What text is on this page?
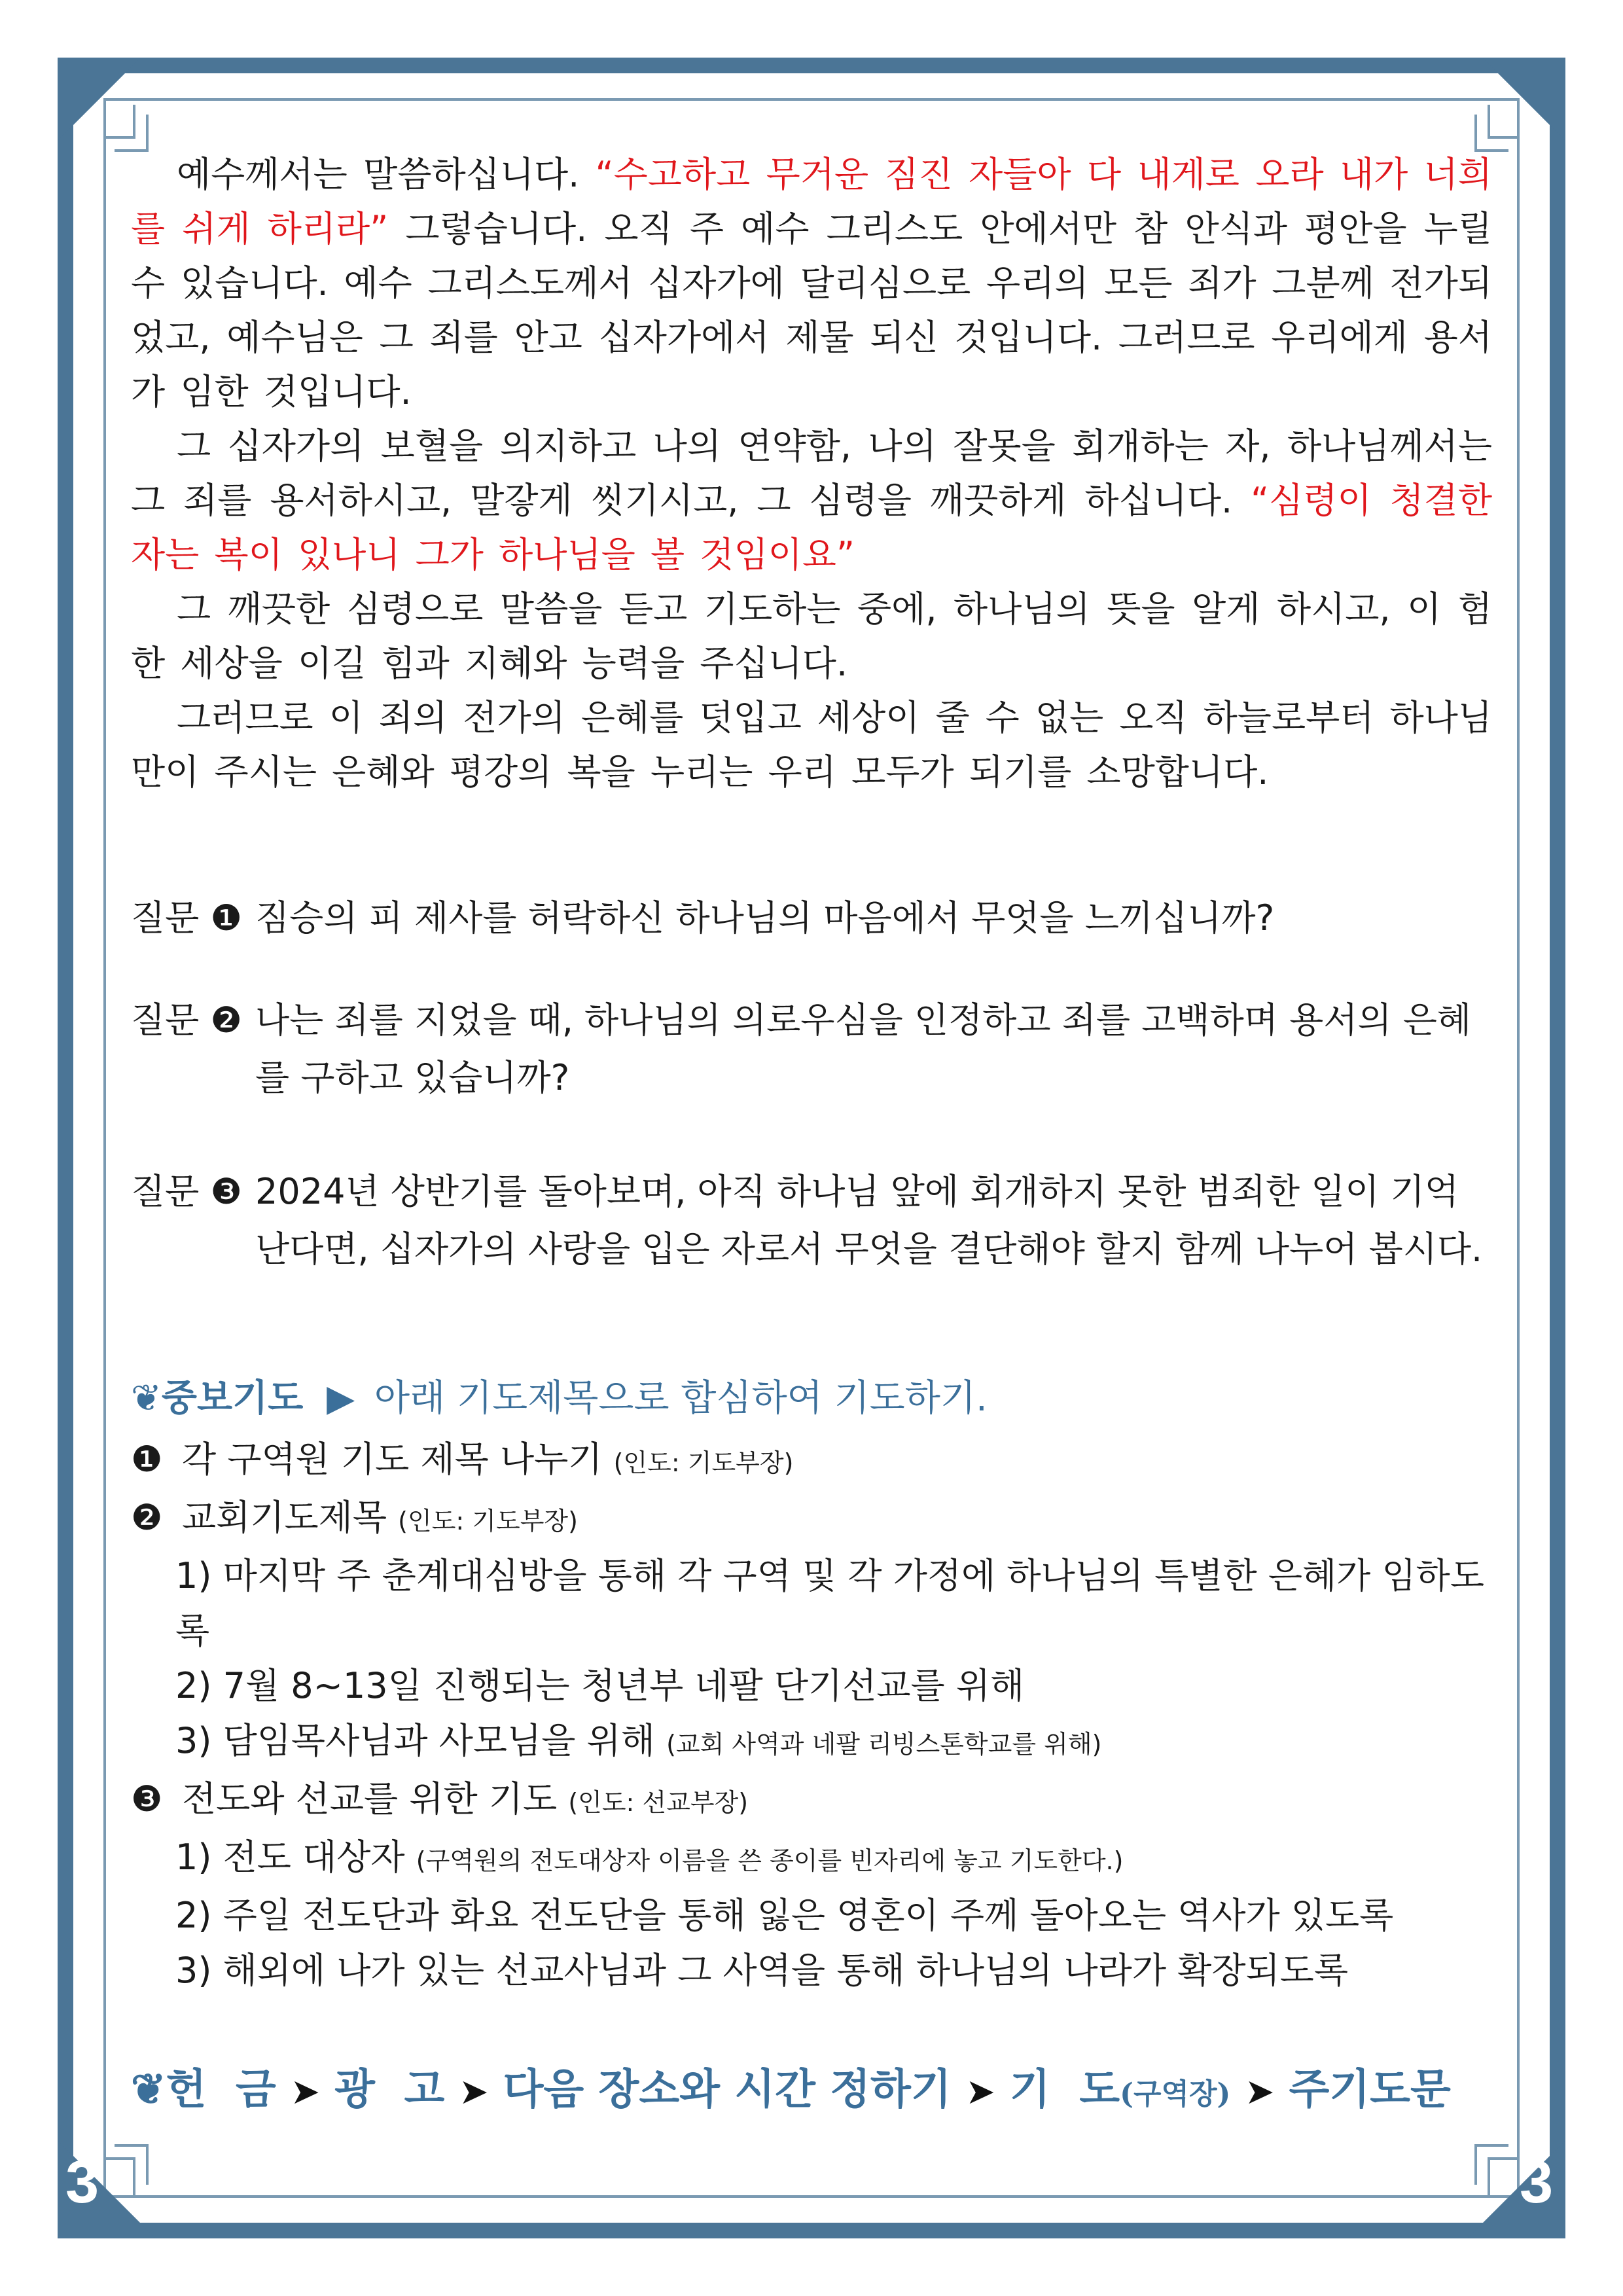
3	3

예수께서는 말씀하십니다. “수고하고 무거운 짐진 자들아 다 내게로 오라 내가 너희를 쉬게 하리라” 그렇습니다. 오직 주 예수 그리스도 안에서만 참 안식과 평안을 누릴 수 있습니다. 예수 그리스도께서 십자가에 달리심으로 우리의 모든 죄가 그분께 전가되었고, 예수님은 그 죄를 안고 십자가에서 제물 되신 것입니다. 그러므로 우리에게 용서가 임한 것입니다.

그 십자가의 보혈을 의지하고 나의 연약함, 나의 잘못을 회개하는 자, 하나님께서는 그 죄를 용서하시고, 말갛게 씻기시고, 그 심령을 깨끗하게 하십니다. “심령이 청결한 자는 복이 있나니 그가 하나님을 볼 것임이요”

그 깨끗한 심령으로 말씀을 듣고 기도하는 중에, 하나님의 뜻을 알게 하시고, 이 험한 세상을 이길 힘과 지혜와 능력을 주십니다.

그러므로 이 죄의 전가의 은혜를 덧입고 세상이 줄 수 없는 오직 하늘로부터 하나님만이 주시는 은혜와 평강의 복을 누리는 우리 모두가 되기를 소망합니다.

질문 ❶ 짐승의 피 제사를 허락하신 하나님의 마음에서 무엇을 느끼십니까?
질문 ❷ 나는 죄를 지었을 때, 하나님의 의로우심을 인정하고 죄를 고백하며 용서의 은혜를 구하고 있습니까?
질문 ❸ 2024년 상반기를 돌아보며, 아직 하나님 앞에 회개하지 못한 범죄한 일이 기억난다면, 십자가의 사랑을 입은 자로서 무엇을 결단해야 할지 함께 나누어 봅시다.
❦중보기도 ▶ 아래 기도제목으로 합심하여 기도하기.
❶ 각 구역원 기도 제목 나누기 (인도: 기도부장)
❷ 교회기도제목 (인도: 기도부장)
1) 마지막 주 춘계대심방을 통해 각 구역 및 각 가정에 하나님의 특별한 은혜가 임하도록
2) 7월 8~13일 진행되는 청년부 네팔 단기선교를 위해
3) 담임목사님과 사모님을 위해 (교회 사역과 네팔 리빙스톤학교를 위해)
❸ 전도와 선교를 위한 기도 (인도: 선교부장)
1) 전도 대상자 (구역원의 전도대상자 이름을 쓴 종이를 빈자리에 놓고 기도한다.)
2) 주일 전도단과 화요 전도단을 통해 잃은 영혼이 주께 돌아오는 역사가 있도록
3) 해외에 나가 있는 선교사님과 그 사역을 통해 하나님의 나라가 확장되도록
❦헌  금 ➤ 광  고 ➤ 다음 장소와 시간 정하기 ➤ 기  도(구역장) ➤ 주기도문
